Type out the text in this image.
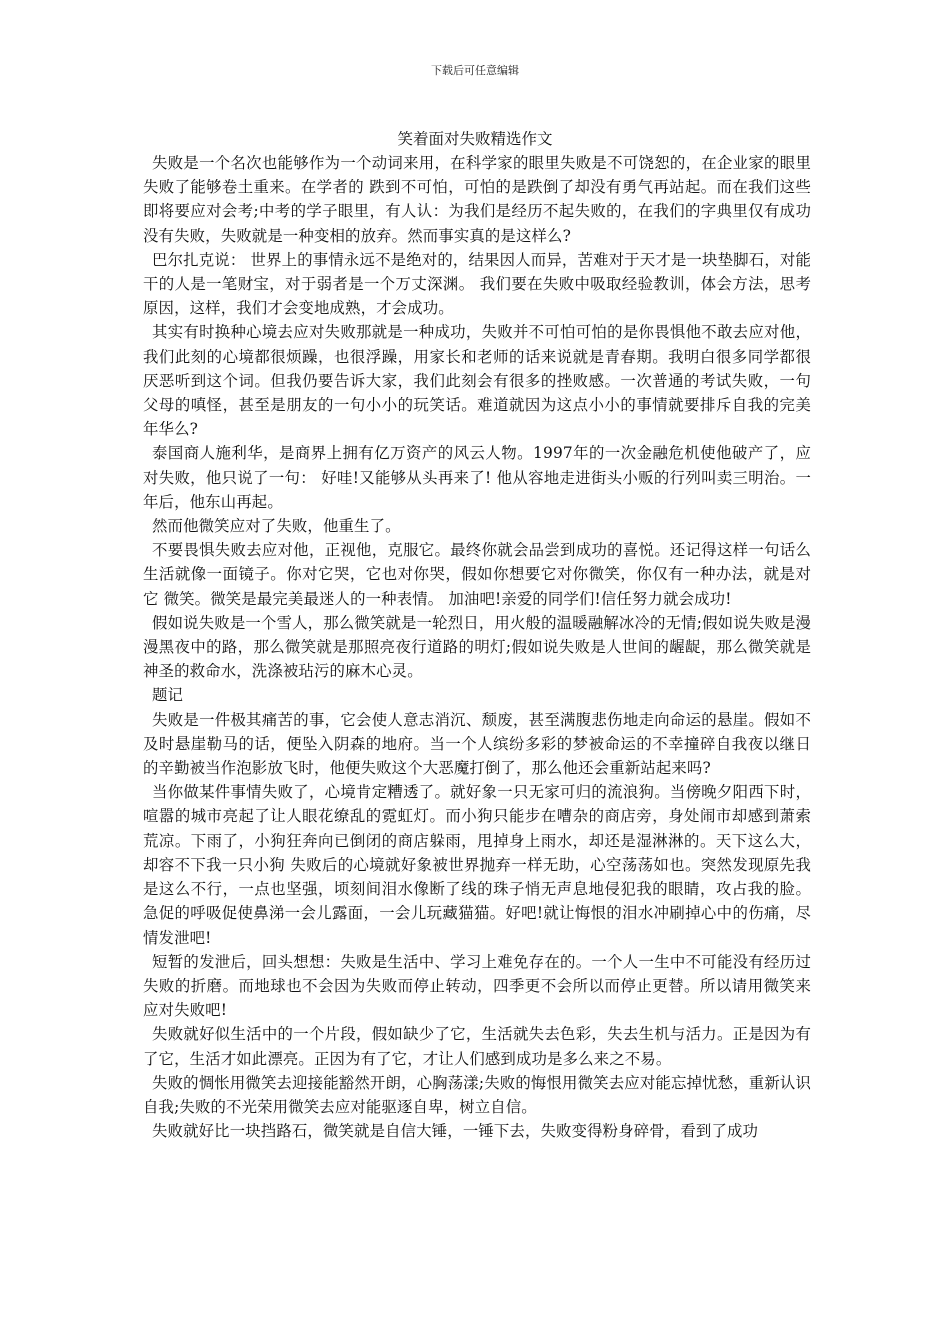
下载后可任意编辑
笑着面对失败精选作文

失败是一个名次也能够作为一个动词来用，在科学家的眼里失败是不可饶恕的，在企业家的眼里失败了能够卷土重来。在学者的 跌到不可怕，可怕的是跌倒了却没有勇气再站起。而在我们这些即将要应对会考;中考的学子眼里，有人认：为我们是经历不起失败的，在我们的字典里仅有成功没有失败，失败就是一种变相的放弃。然而事实真的是这样么?

巴尔扎克说： 世界上的事情永远不是绝对的，结果因人而异，苦难对于天才是一块垫脚石，对能干的人是一笔财宝，对于弱者是一个万丈深渊。 我们要在失败中吸取经验教训，体会方法，思考原因，这样，我们才会变地成熟，才会成功。

其实有时换种心境去应对失败那就是一种成功，失败并不可怕可怕的是你畏惧他不敢去应对他，我们此刻的心境都很烦躁，也很浮躁，用家长和老师的话来说就是青春期。我明白很多同学都很厌恶听到这个词。但我仍要告诉大家，我们此刻会有很多的挫败感。一次普通的考试失败，一句父母的嗔怪，甚至是朋友的一句小小的玩笑话。难道就因为这点小小的事情就要排斥自我的完美年华么?

泰国商人施利华，是商界上拥有亿万资产的风云人物。1997年的一次金融危机使他破产了，应对失败，他只说了一句： 好哇!又能够从头再来了! 他从容地走进街头小贩的行列叫卖三明治。一年后，他东山再起。

然而他微笑应对了失败，他重生了。

不要畏惧失败去应对他，正视他，克服它。最终你就会品尝到成功的喜悦。还记得这样一句话么 生活就像一面镜子。你对它哭，它也对你哭，假如你想要它对你微笑，你仅有一种办法，就是对它 微笑。微笑是最完美最迷人的一种表情。 加油吧!亲爱的同学们!信任努力就会成功!

假如说失败是一个雪人，那么微笑就是一轮烈日，用火般的温暖融解冰冷的无情;假如说失败是漫漫黑夜中的路，那么微笑就是那照亮夜行道路的明灯;假如说失败是人世间的龌龊，那么微笑就是神圣的救命水，洗涤被玷污的麻木心灵。

题记

失败是一件极其痛苦的事，它会使人意志消沉、颓废，甚至满腹悲伤地走向命运的悬崖。假如不及时悬崖勒马的话，便坠入阴森的地府。当一个人缤纷多彩的梦被命运的不幸撞碎自我夜以继日的辛勤被当作泡影放飞时，他便失败这个大恶魔打倒了，那么他还会重新站起来吗?

当你做某件事情失败了，心境肯定糟透了。就好象一只无家可归的流浪狗。当傍晚夕阳西下时，喧嚣的城市亮起了让人眼花缭乱的霓虹灯。而小狗只能步在嘈杂的商店旁，身处闹市却感到萧索荒凉。下雨了，小狗狂奔向已倒闭的商店躲雨，甩掉身上雨水，却还是湿淋淋的。天下这么大，却容不下我一只小狗 失败后的心境就好象被世界抛弃一样无助，心空荡荡如也。突然发现原先我是这么不行，一点也坚强，顷刻间泪水像断了线的珠子悄无声息地侵犯我的眼睛，攻占我的脸。急促的呼吸促使鼻涕一会儿露面，一会儿玩藏猫猫。好吧!就让悔恨的泪水冲刷掉心中的伤痛，尽情发泄吧!

短暂的发泄后，回头想想：失败是生活中、学习上难免存在的。一个人一生中不可能没有经历过失败的折磨。而地球也不会因为失败而停止转动，四季更不会所以而停止更替。所以请用微笑来应对失败吧!

失败就好似生活中的一个片段，假如缺少了它，生活就失去色彩，失去生机与活力。正是因为有了它，生活才如此漂亮。正因为有了它，才让人们感到成功是多么来之不易。

失败的惆怅用微笑去迎接能豁然开朗，心胸荡漾;失败的悔恨用微笑去应对能忘掉忧愁，重新认识自我;失败的不光荣用微笑去应对能驱逐自卑，树立自信。

失败就好比一块挡路石，微笑就是自信大锤，一锤下去，失败变得粉身碎骨，看到了成功
